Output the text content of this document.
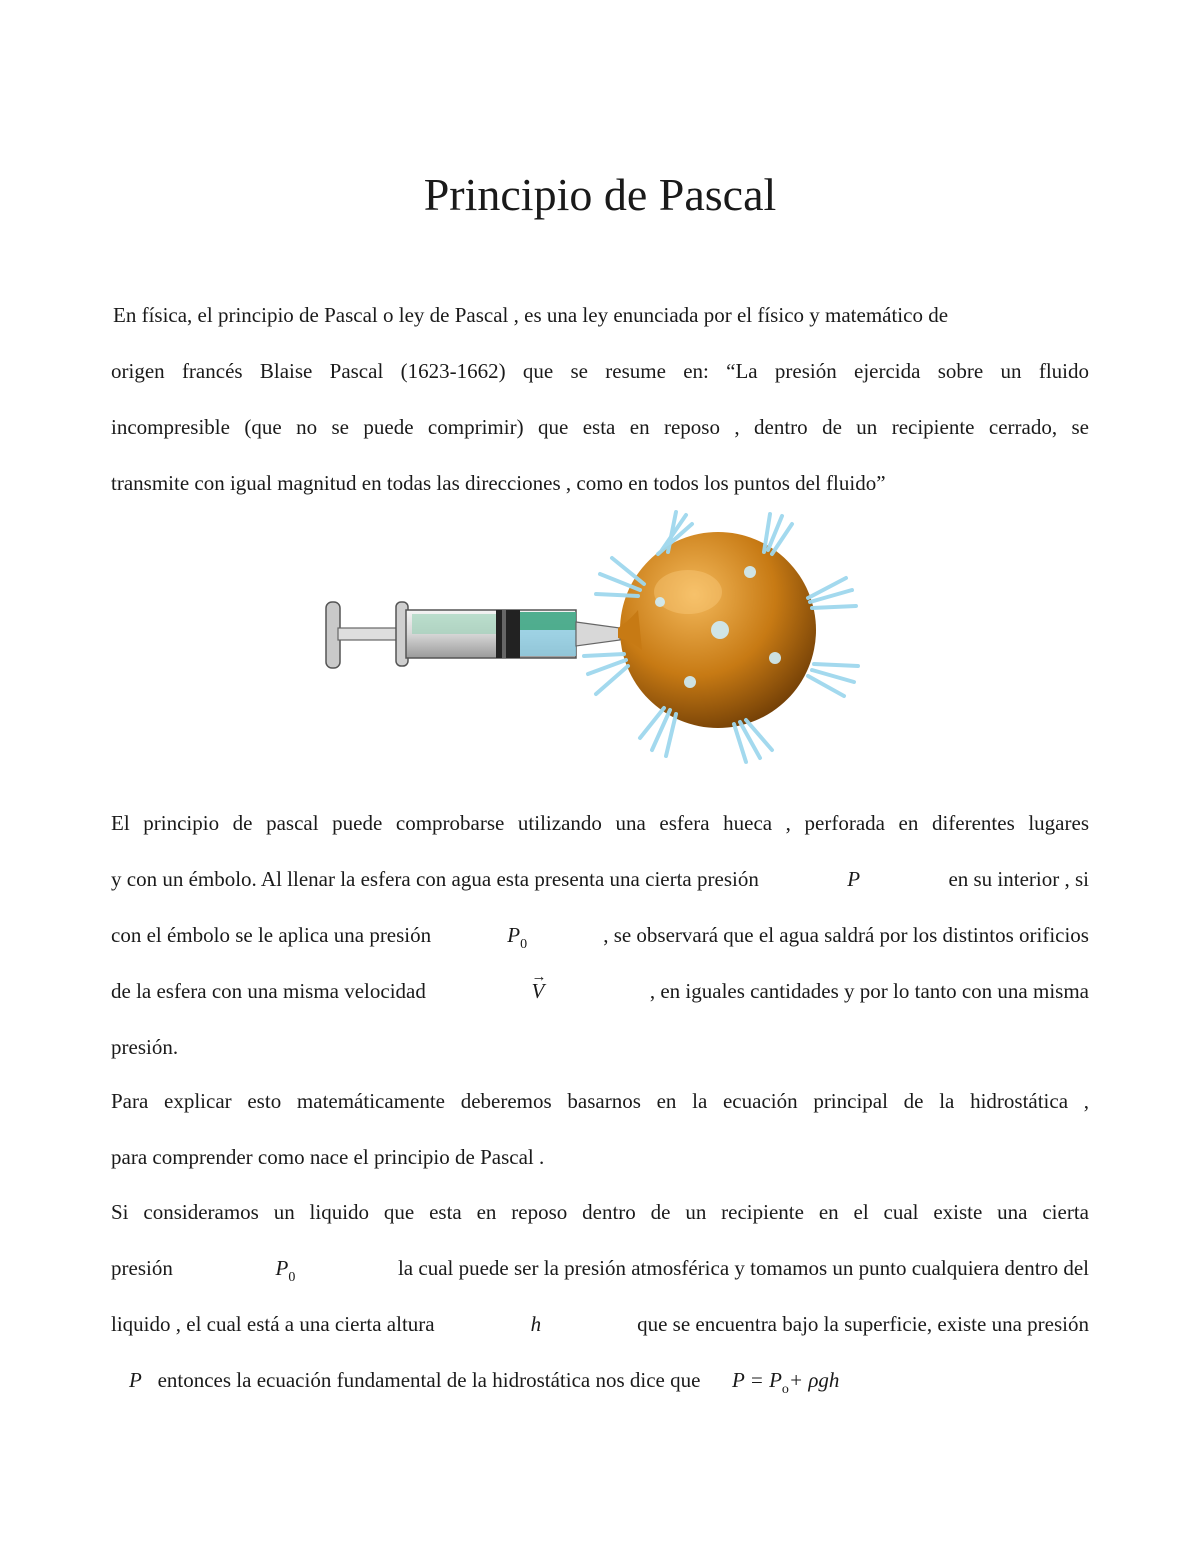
Principio de Pascal
En física, el principio de Pascal o ley de Pascal , es una ley enunciada por el físico y matemático de
origen francés Blaise Pascal (1623-1662) que se resume en: “La presión ejercida sobre un fluido
incompresible (que no se puede comprimir) que esta en reposo , dentro de un recipiente cerrado, se
transmite con igual magnitud en todas las direcciones , como en todos los puntos del fluido”
El principio de pascal puede comprobarse utilizando una esfera hueca , perforada en diferentes lugares
y con un émbolo. Al llenar la esfera con agua esta presenta una cierta presión	P	en su interior , si
con el émbolo se le aplica una presión	$P_0$	, se observará que el agua saldrá por los distintos orificios
de la esfera con una misma velocidad
→	V	, en iguales cantidades y por lo tanto con una misma
presión.
Para explicar esto matemáticamente deberemos basarnos en la ecuación principal de la hidrostática ,
para comprender como nace el principio de Pascal .
Si consideramos un liquido que esta en reposo dentro de un recipiente en el cual existe una cierta
presión	$P_0$	la cual puede ser la presión atmosférica y tomamos un punto cualquiera dentro del
liquido , el cual está a una cierta altura	h	que se encuentra bajo la superficie, existe una presión
P entonces la ecuación fundamental de la hidrostática nos dice que $P = P_o+ \rho gh$
